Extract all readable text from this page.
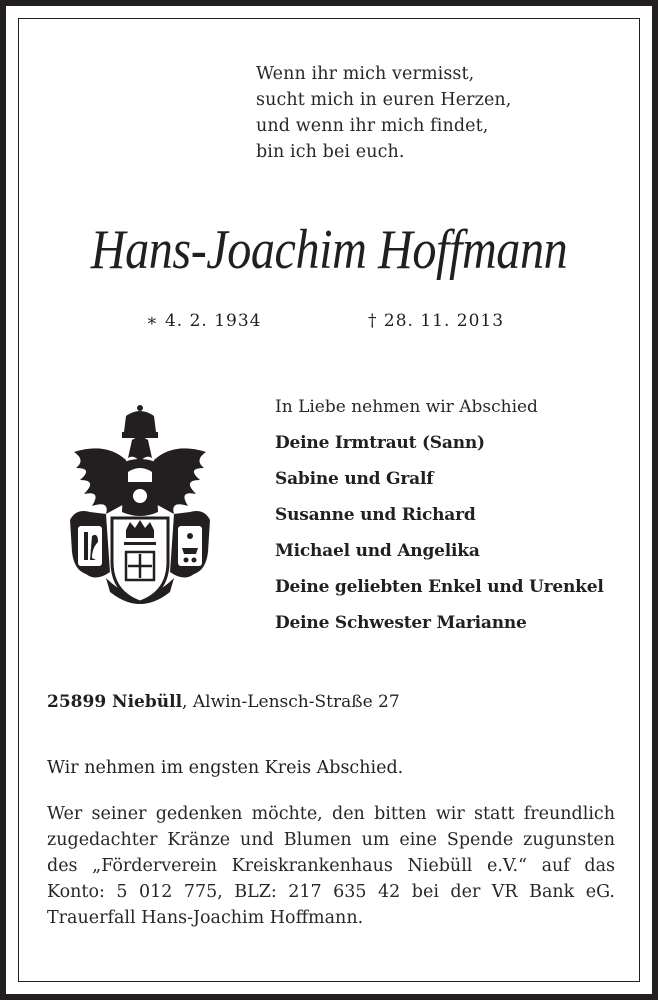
Wenn ihr mich vermisst,
sucht mich in euren Herzen,
und wenn ihr mich findet,
bin ich bei euch.
Hans-Joachim Hoffmann
∗ 4. 2. 1934	† 28. 11. 2013
In Liebe nehmen wir Abschied
Deine Irmtraut (Sann)
Sabine und Gralf
Susanne und Richard
Michael und Angelika
Deine geliebten Enkel und Urenkel
Deine Schwester Marianne
25899 Niebüll, Alwin-Lensch-Straße 27
Wir nehmen im engsten Kreis Abschied.
Wer seiner gedenken möchte, den bitten wir statt freundlich zugedachter Kränze und Blumen um eine Spende zugunsten des „Förderverein Kreiskrankenhaus Niebüll e.V.“ auf das Konto: 5 012 775, BLZ: 217 635 42 bei der VR Bank eG. Trauerfall Hans-Joachim Hoffmann.
